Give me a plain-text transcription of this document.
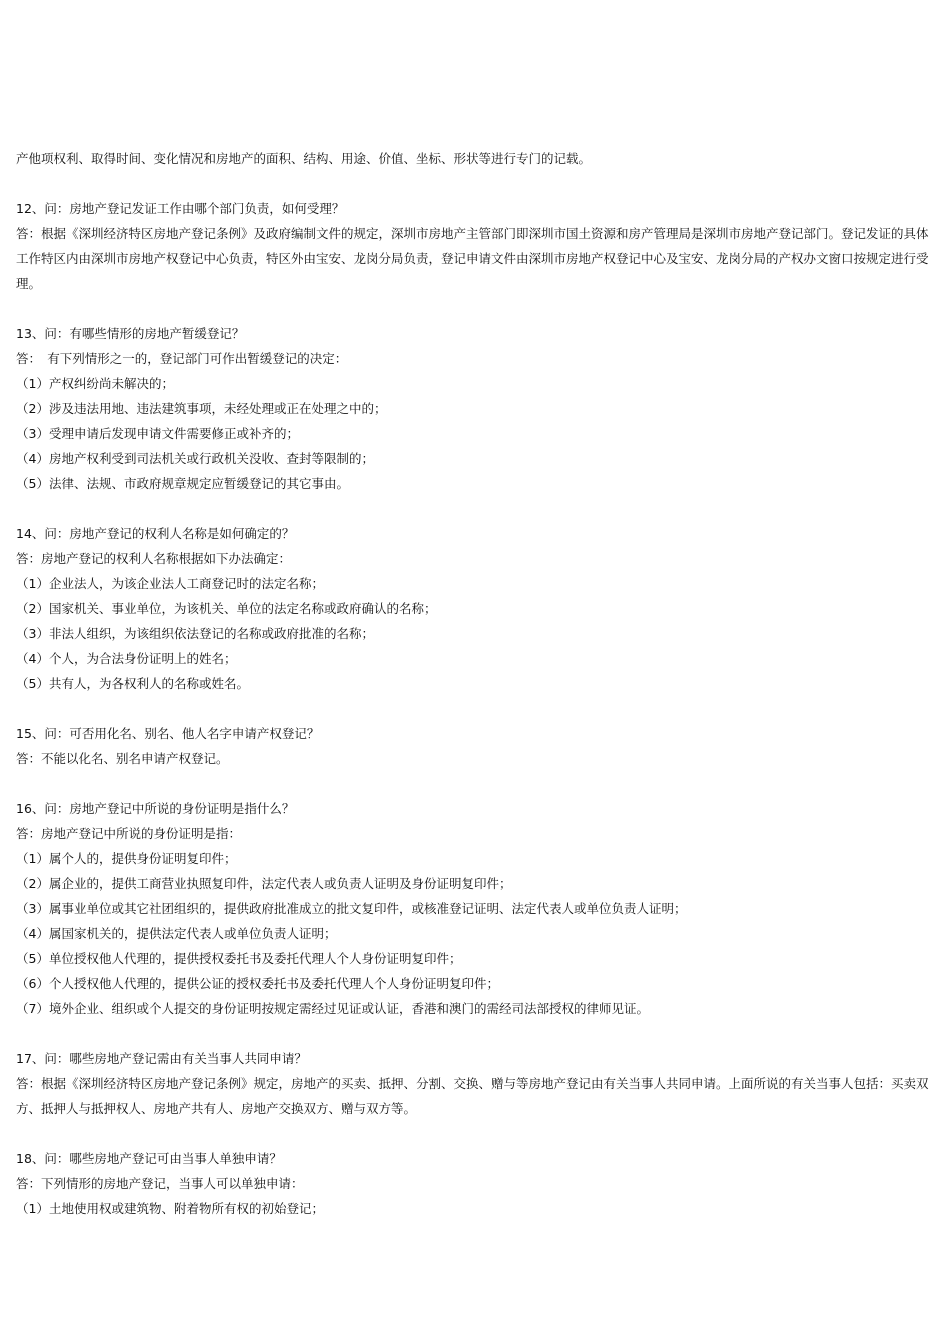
产他项权利、取得时间、变化情况和房地产的面积、结构、用途、价值、坐标、形状等进行专门的记载。
12、问：房地产登记发证工作由哪个部门负责，如何受理？
答：根据《深圳经济特区房地产登记条例》及政府编制文件的规定，深圳市房地产主管部门即深圳市国土资源和房产管理局是深圳市房地产登记部门。登记发证的具体工作特区内由深圳市房地产权登记中心负责，特区外由宝安、龙岗分局负责，登记申请文件由深圳市房地产权登记中心及宝安、龙岗分局的产权办文窗口按规定进行受理。
13、问：有哪些情形的房地产暂缓登记？
答：　有下列情形之一的，登记部门可作出暂缓登记的决定：
（1）产权纠纷尚未解决的；
（2）涉及违法用地、违法建筑事项，未经处理或正在处理之中的；
（3）受理申请后发现申请文件需要修正或补齐的；
（4）房地产权利受到司法机关或行政机关没收、查封等限制的；
（5）法律、法规、市政府规章规定应暂缓登记的其它事由。
14、问：房地产登记的权利人名称是如何确定的？
答：房地产登记的权利人名称根据如下办法确定：
（1）企业法人，为该企业法人工商登记时的法定名称；
（2）国家机关、事业单位，为该机关、单位的法定名称或政府确认的名称；
（3）非法人组织，为该组织依法登记的名称或政府批准的名称；
（4）个人，为合法身份证明上的姓名；
（5）共有人，为各权利人的名称或姓名。
15、问：可否用化名、别名、他人名字申请产权登记？
答：不能以化名、别名申请产权登记。
16、问：房地产登记中所说的身份证明是指什么？
答：房地产登记中所说的身份证明是指：
（1）属个人的，提供身份证明复印件；
（2）属企业的，提供工商营业执照复印件，法定代表人或负责人证明及身份证明复印件；
（3）属事业单位或其它社团组织的，提供政府批准成立的批文复印件，或核准登记证明、法定代表人或单位负责人证明；
（4）属国家机关的，提供法定代表人或单位负责人证明；
（5）单位授权他人代理的，提供授权委托书及委托代理人个人身份证明复印件；
（6）个人授权他人代理的，提供公证的授权委托书及委托代理人个人身份证明复印件；
（7）境外企业、组织或个人提交的身份证明按规定需经过见证或认证，香港和澳门的需经司法部授权的律师见证。
17、问：哪些房地产登记需由有关当事人共同申请？
答：根据《深圳经济特区房地产登记条例》规定，房地产的买卖、抵押、分割、交换、赠与等房地产登记由有关当事人共同申请。上面所说的有关当事人包括：买卖双方、抵押人与抵押权人、房地产共有人、房地产交换双方、赠与双方等。
18、问：哪些房地产登记可由当事人单独申请？
答：下列情形的房地产登记，当事人可以单独申请：
（1）土地使用权或建筑物、附着物所有权的初始登记；
